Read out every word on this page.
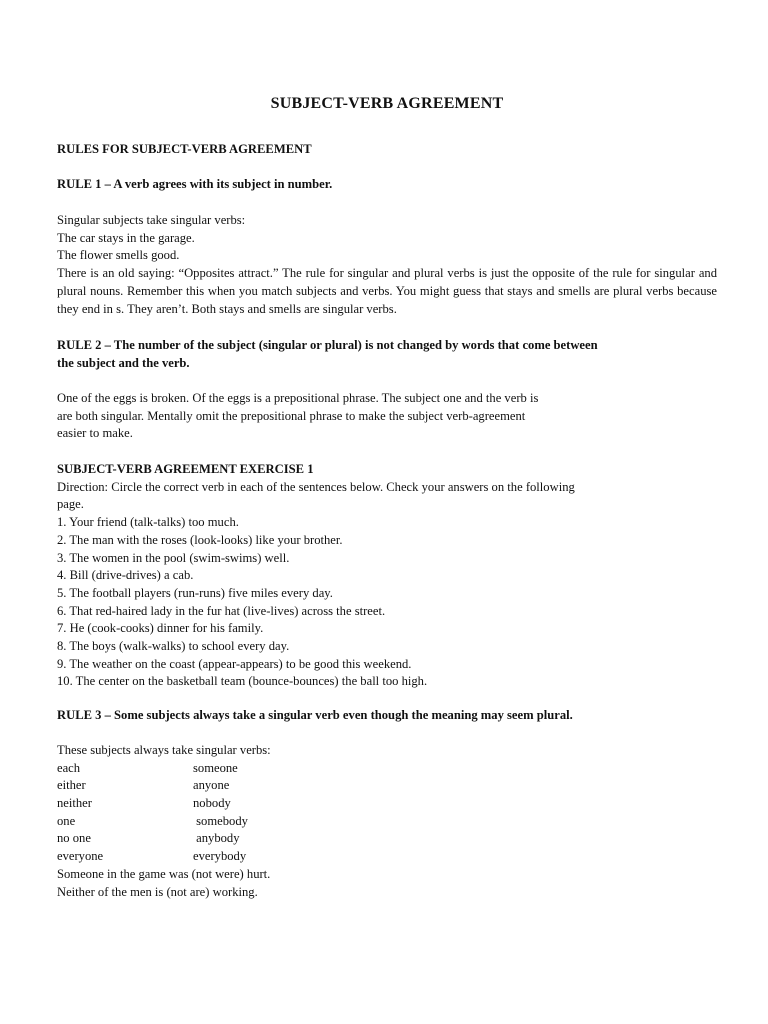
SUBJECT-VERB AGREEMENT

RULES FOR SUBJECT-VERB AGREEMENT

RULE 1 – A verb agrees with its subject in number.

Singular subjects take singular verbs:

The car stays in the garage.

The flower smells good.

There is an old saying: “Opposites attract.” The rule for singular and plural verbs is just the opposite of the rule for singular and plural nouns. Remember this when you match subjects and verbs. You might guess that stays and smells are plural verbs because they end in s. They aren’t. Both stays and smells are singular verbs.

RULE 2 – The number of the subject (singular or plural) is not changed by words that come between

the subject and the verb.

One of the eggs is broken. Of the eggs is a prepositional phrase. The subject one and the verb is

are both singular. Mentally omit the prepositional phrase to make the subject verb-agreement

easier to make.

SUBJECT-VERB AGREEMENT EXERCISE 1

Direction: Circle the correct verb in each of the sentences below. Check your answers on the following

page.

1. Your friend (talk-talks) too much.

2. The man with the roses (look-looks) like your brother.

3. The women in the pool (swim-swims) well.

4. Bill (drive-drives) a cab.

5. The football players (run-runs) five miles every day.

6. That red-haired lady in the fur hat (live-lives) across the street.

7. He (cook-cooks) dinner for his family.

8. The boys (walk-walks) to school every day.

9. The weather on the coast (appear-appears) to be good this weekend.

10. The center on the basketball team (bounce-bounces) the ball too high.

RULE 3 – Some subjects always take a singular verb even though the meaning may seem plural.

These subjects always take singular verbs:

each	someone
either	anyone
neither	nobody
one	somebody
no one	anybody
everyone	everybody

Someone in the game was (not were) hurt.

Neither of the men is (not are) working.
